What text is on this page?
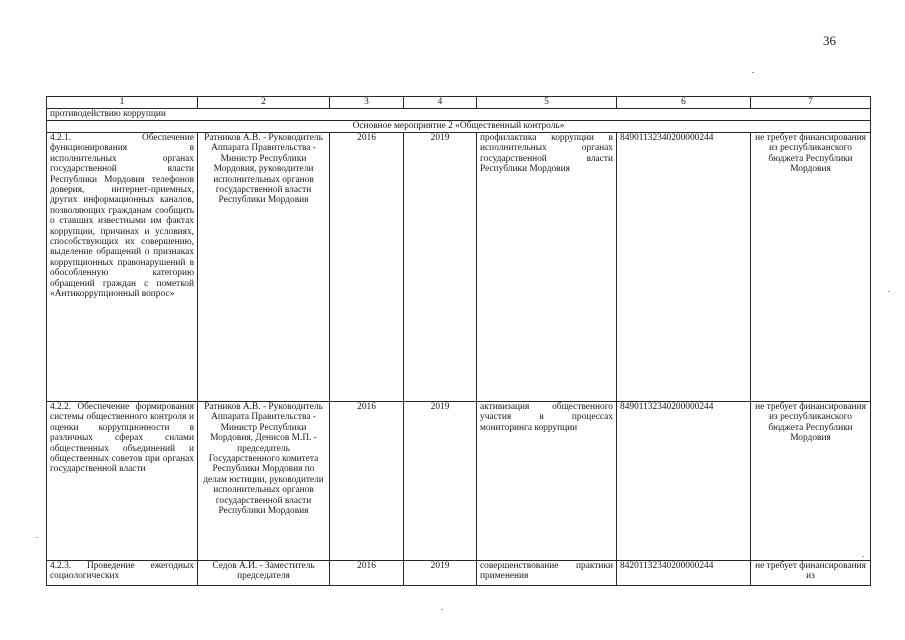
36
1	2	3	4	5	6	7
противодействию коррупции						
Основное мероприятие 2 «Общественный контроль»						
4.2.1. Обеспечение функционирования в исполнительных органах государственной власти Республики Мордовия телефонов доверия, интернет-приемных, других информационных каналов, позволяющих гражданам сообщить о ставших известными им фактах коррупции, причинах и условиях, способствующих их совершению, выделение обращений о признаках коррупционных правонарушений в обособленную категорию обращений граждан с пометкой «Антикоррупционный вопрос»	Ратников А.В. - Руководитель Аппарата Правительства - Министр Республики Мордовия, руководители исполнительных органов государственной власти Республики Мордовия	2016	2019	профилактика коррупции в исполнительных органах государственной власти Республики Мордовия	84901132340200000244	не требует финансирования из республиканского бюджета Республики Мордовия
4.2.2. Обеспечение формирования системы общественного контроля и оценки коррупционности в различных сферах силами общественных объединений и общественных советов при органах государственной власти	Ратников А.В. - Руководитель Аппарата Правительства - Министр Республики Мордовия, Денисов М.П. - председатель Государственного комитета Республики Мордовия по делам юстиции, руководители исполнительных органов государственной власти Республики Мордовия	2016	2019	активизация общественного участия в процессах мониторинга коррупции	84901132340200000244	не требует финансирования из республиканского бюджета Республики Мордовия
4.2.3. Проведение ежегодных социологических	Седов А.И. - Заместитель председателя	2016	2019	совершенствование практики применения	84201132340200000244	не требует финансирования из
